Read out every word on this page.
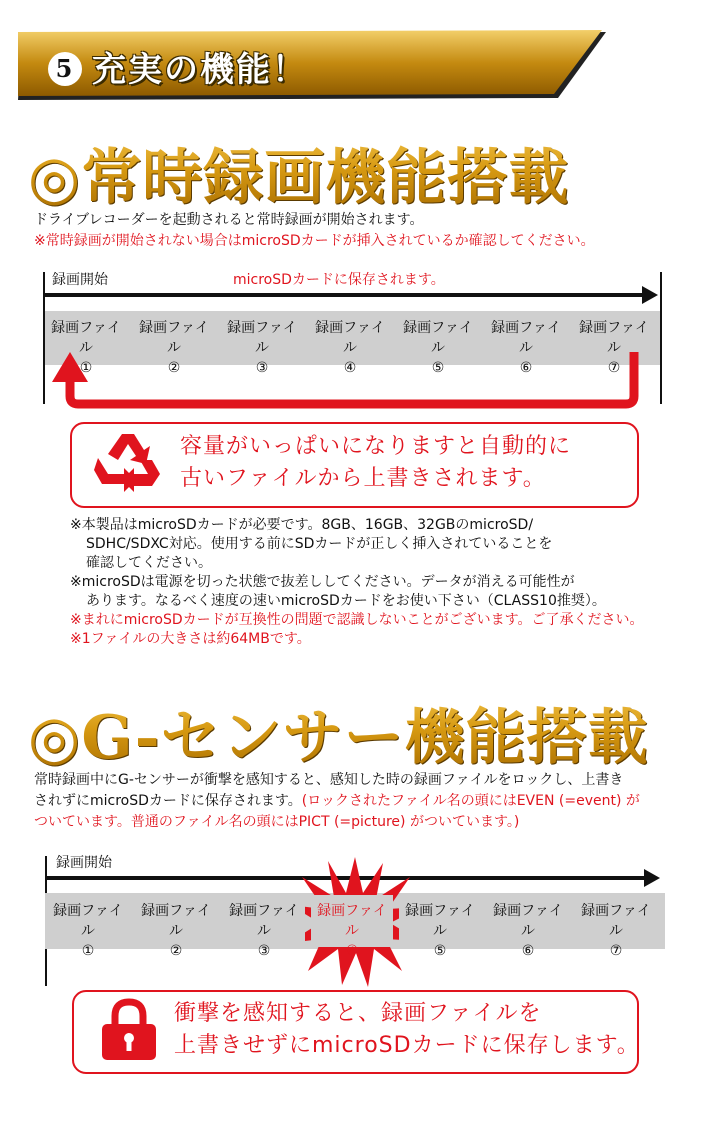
5 充実の機能！
◎常時録画機能搭載
ドライブレコーダーを起動されると常時録画が開始されます。
※常時録画が開始されない場合はmicroSDカードが挿入されているか確認してください。
録画開始	microSDカードに保存されます。
録画ファイル
①
録画ファイル
②
録画ファイル
③
録画ファイル
④
録画ファイル
⑤
録画ファイル
⑥
録画ファイル
⑦
容量がいっぱいになりますと自動的に
古いファイルから上書きされます。
※本製品はmicroSDカードが必要です。8GB、16GB、32GBのmicroSD/
SDHC/SDXC対応。使用する前にSDカードが正しく挿入されていることを
確認してください。
※microSDは電源を切った状態で抜差ししてください。データが消える可能性が
あります。なるべく速度の速いmicroSDカードをお使い下さい（CLASS10推奨）。
※まれにmicroSDカードが互換性の問題で認識しないことがございます。ご了承ください。
※1ファイルの大きさは約64MBです。
◎G-センサー機能搭載
常時録画中にG-センサーが衝撃を感知すると、感知した時の録画ファイルをロックし、上書き
されずにmicroSDカードに保存されます。(ロックされたファイル名の頭にはEVEN (=event) が
ついています。普通のファイル名の頭にはPICT (=picture) がついています。)
録画開始
録画ファイル
①
録画ファイル
②
録画ファイル
③
録画ファイル
④
録画ファイル
⑤
録画ファイル
⑥
録画ファイル
⑦
衝撃を感知すると、録画ファイルを
上書きせずにmicroSDカードに保存します。
